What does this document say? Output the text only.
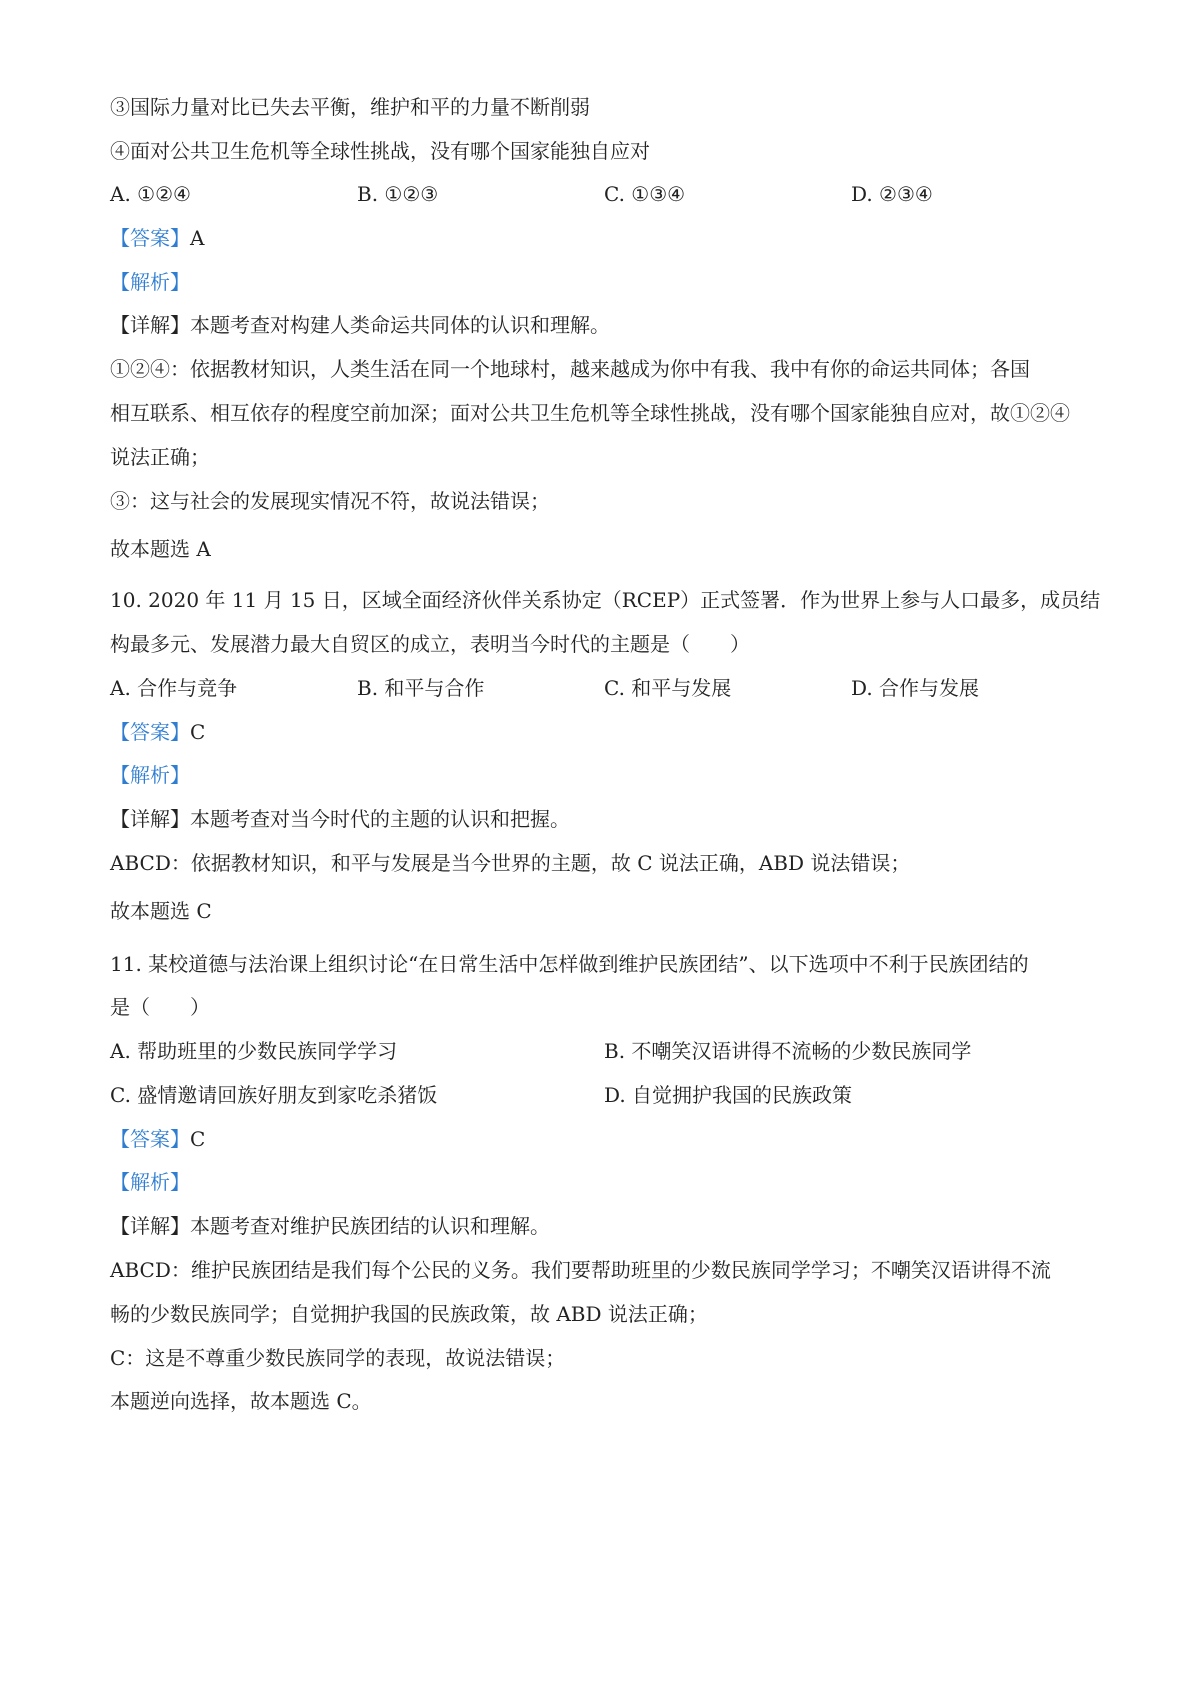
③国际力量对比已失去平衡，维护和平的力量不断削弱
④面对公共卫生危机等全球性挑战，没有哪个国家能独自应对
A. ①②④	B. ①②③	C. ①③④	D. ②③④
【答案】A
【解析】
【详解】本题考查对构建人类命运共同体的认识和理解。
①②④：依据教材知识，人类生活在同一个地球村，越来越成为你中有我、我中有你的命运共同体；各国
相互联系、相互依存的程度空前加深；面对公共卫生危机等全球性挑战，没有哪个国家能独自应对，故①②④
说法正确；
③：这与社会的发展现实情况不符，故说法错误；
故本题选 A
10. 2020 年 11 月 15 日，区域全面经济伙伴关系协定（RCEP）正式签署．作为世界上参与人口最多，成员结
构最多元、发展潜力最大自贸区的成立，表明当今时代的主题是（　　）
A. 合作与竞争	B. 和平与合作	C. 和平与发展	D. 合作与发展
【答案】C
【解析】
【详解】本题考查对当今时代的主题的认识和把握。
ABCD：依据教材知识，和平与发展是当今世界的主题，故 C 说法正确，ABD 说法错误；
故本题选 C
11. 某校道德与法治课上组织讨论“在日常生活中怎样做到维护民族团结”、以下选项中不利于民族团结的
是（　　）
A. 帮助班里的少数民族同学学习	B. 不嘲笑汉语讲得不流畅的少数民族同学
C. 盛情邀请回族好朋友到家吃杀猪饭	D. 自觉拥护我国的民族政策
【答案】C
【解析】
【详解】本题考查对维护民族团结的认识和理解。
ABCD：维护民族团结是我们每个公民的义务。我们要帮助班里的少数民族同学学习；不嘲笑汉语讲得不流
畅的少数民族同学；自觉拥护我国的民族政策，故 ABD 说法正确；
C：这是不尊重少数民族同学的表现，故说法错误；
本题逆向选择，故本题选 C。
